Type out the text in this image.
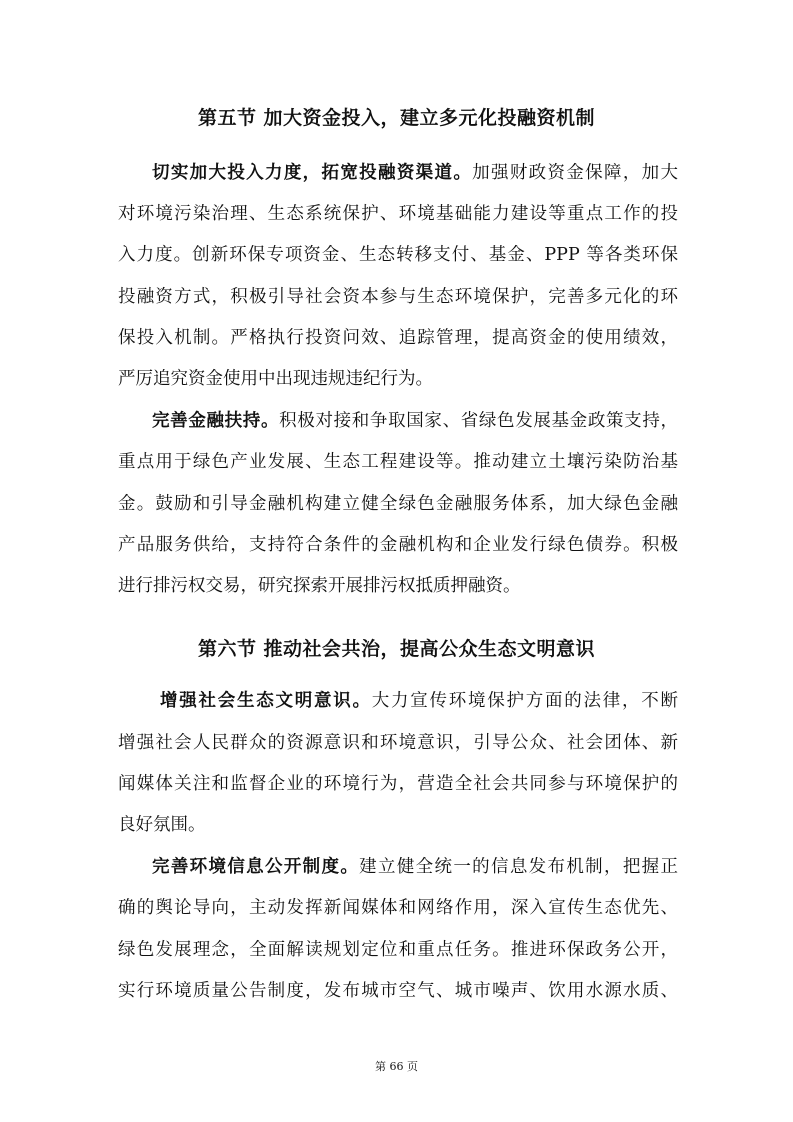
第五节 加大资金投入，建立多元化投融资机制
切实加大投入力度，拓宽投融资渠道。加强财政资金保障，加大
对环境污染治理、生态系统保护、环境基础能力建设等重点工作的投
入力度。创新环保专项资金、生态转移支付、基金、PPP 等各类环保
投融资方式，积极引导社会资本参与生态环境保护，完善多元化的环
保投入机制。严格执行投资问效、追踪管理，提高资金的使用绩效，
严厉追究资金使用中出现违规违纪行为。
完善金融扶持。积极对接和争取国家、省绿色发展基金政策支持，
重点用于绿色产业发展、生态工程建设等。推动建立土壤污染防治基
金。鼓励和引导金融机构建立健全绿色金融服务体系，加大绿色金融
产品服务供给，支持符合条件的金融机构和企业发行绿色债券。积极
进行排污权交易，研究探索开展排污权抵质押融资。
第六节 推动社会共治，提高公众生态文明意识
增强社会生态文明意识。大力宣传环境保护方面的法律，不断
增强社会人民群众的资源意识和环境意识，引导公众、社会团体、新
闻媒体关注和监督企业的环境行为，营造全社会共同参与环境保护的
良好氛围。
完善环境信息公开制度。建立健全统一的信息发布机制，把握正
确的舆论导向，主动发挥新闻媒体和网络作用，深入宣传生态优先、
绿色发展理念，全面解读规划定位和重点任务。推进环保政务公开，
实行环境质量公告制度，发布城市空气、城市噪声、饮用水源水质、
第 66 页
